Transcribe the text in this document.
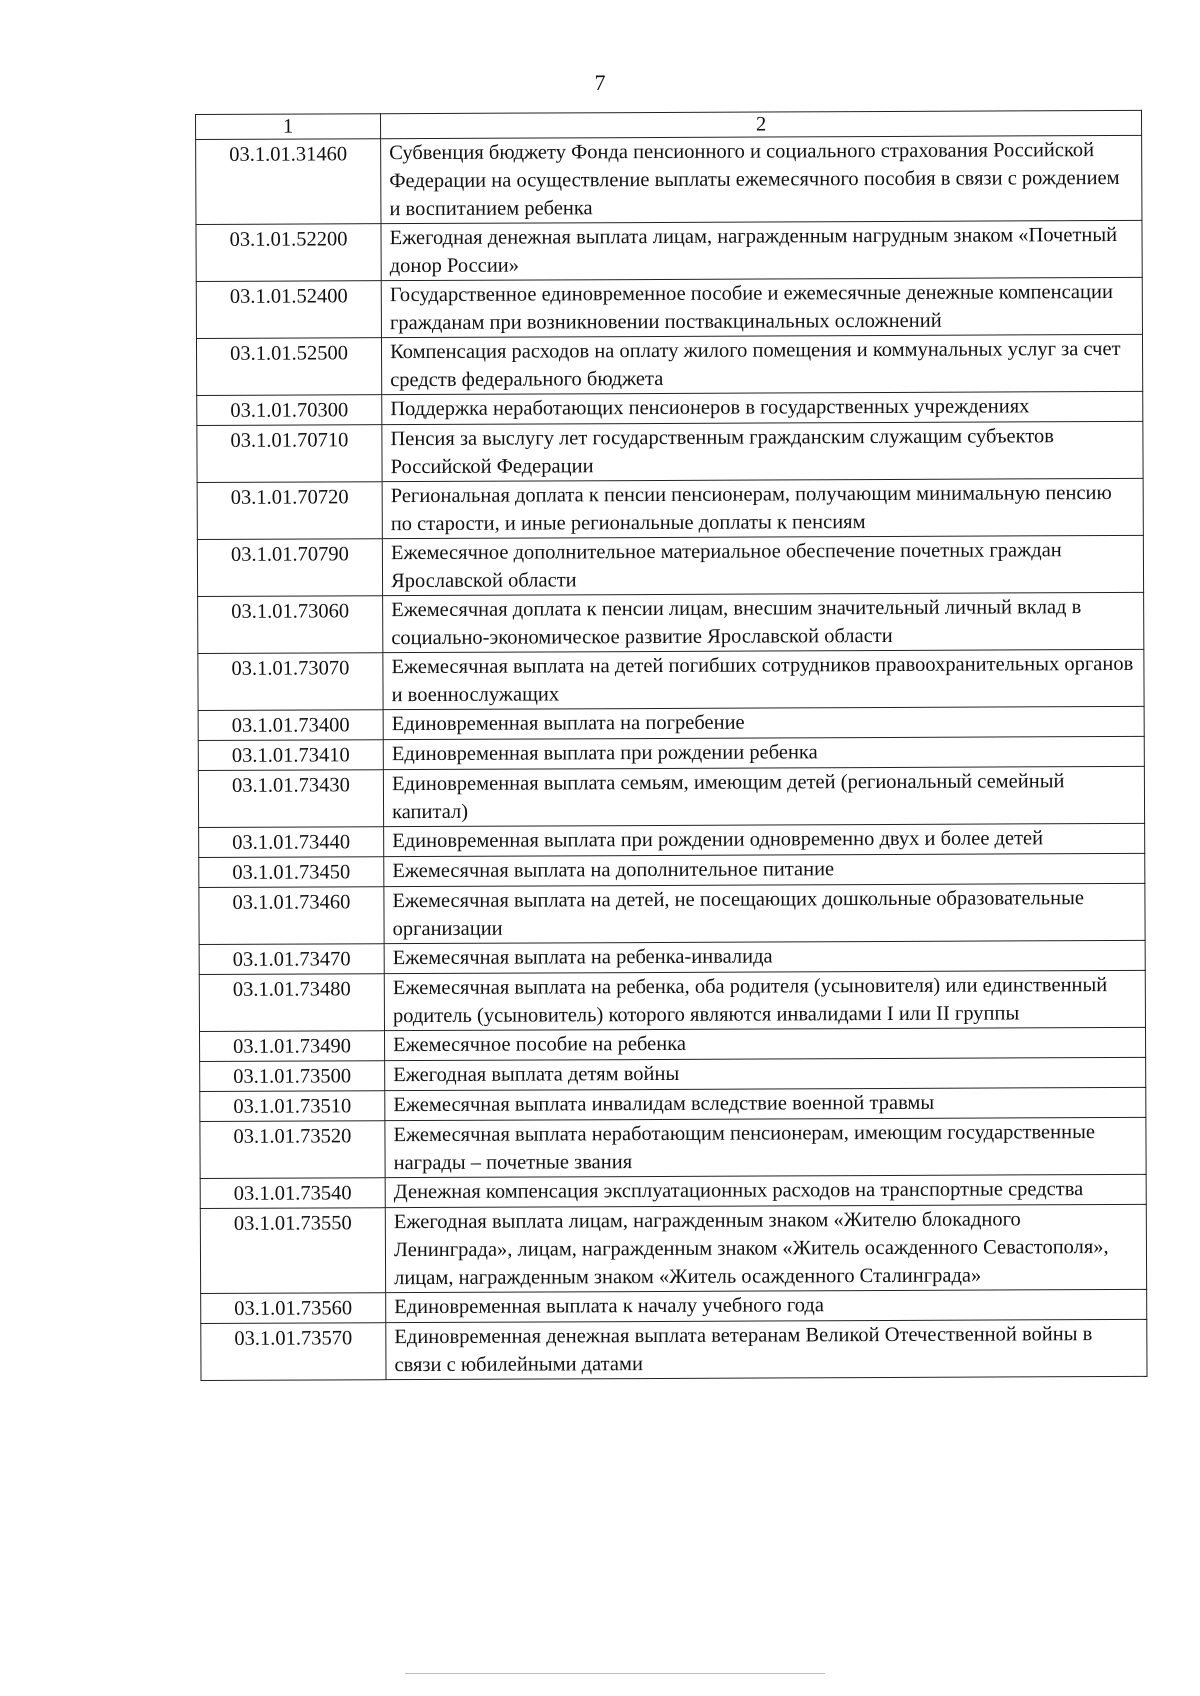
7
1	2
03.1.01.31460	Субвенция бюджету Фонда пенсионного и социального страхования Российской Федерации на осуществление выплаты ежемесячного пособия в связи с рождением и воспитанием ребенка
03.1.01.52200	Ежегодная денежная выплата лицам, награжденным нагрудным знаком «Почетный донор России»
03.1.01.52400	Государственное единовременное пособие и ежемесячные денежные компенсации гражданам при возникновении поствакцинальных осложнений
03.1.01.52500	Компенсация расходов на оплату жилого помещения и коммунальных услуг за счет средств федерального бюджета
03.1.01.70300	Поддержка неработающих пенсионеров в государственных учреждениях
03.1.01.70710	Пенсия за выслугу лет государственным гражданским служащим субъектов Российской Федерации
03.1.01.70720	Региональная доплата к пенсии пенсионерам, получающим минимальную пенсию по старости, и иные региональные доплаты к пенсиям
03.1.01.70790	Ежемесячное дополнительное материальное обеспечение почетных граждан Ярославской области
03.1.01.73060	Ежемесячная доплата к пенсии лицам, внесшим значительный личный вклад в социально-экономическое развитие Ярославской области
03.1.01.73070	Ежемесячная выплата на детей погибших сотрудников правоохранительных органов и военнослужащих
03.1.01.73400	Единовременная выплата на погребение
03.1.01.73410	Единовременная выплата при рождении ребенка
03.1.01.73430	Единовременная выплата семьям, имеющим детей (региональный семейный капитал)
03.1.01.73440	Единовременная выплата при рождении одновременно двух и более детей
03.1.01.73450	Ежемесячная выплата на дополнительное питание
03.1.01.73460	Ежемесячная выплата на детей, не посещающих дошкольные образовательные организации
03.1.01.73470	Ежемесячная выплата на ребенка-инвалида
03.1.01.73480	Ежемесячная выплата на ребенка, оба родителя (усыновителя) или единственный родитель (усыновитель) которого являются инвалидами I или II группы
03.1.01.73490	Ежемесячное пособие на ребенка
03.1.01.73500	Ежегодная выплата детям войны
03.1.01.73510	Ежемесячная выплата инвалидам вследствие военной травмы
03.1.01.73520	Ежемесячная выплата неработающим пенсионерам, имеющим государственные награды – почетные звания
03.1.01.73540	Денежная компенсация эксплуатационных расходов на транспортные средства
03.1.01.73550	Ежегодная выплата лицам, награжденным знаком «Жителю блокадного Ленинграда», лицам, награжденным знаком «Житель осажденного Севастополя», лицам, награжденным знаком «Житель осажденного Сталинграда»
03.1.01.73560	Единовременная выплата к началу учебного года
03.1.01.73570	Единовременная денежная выплата ветеранам Великой Отечественной войны в связи с юбилейными датами
